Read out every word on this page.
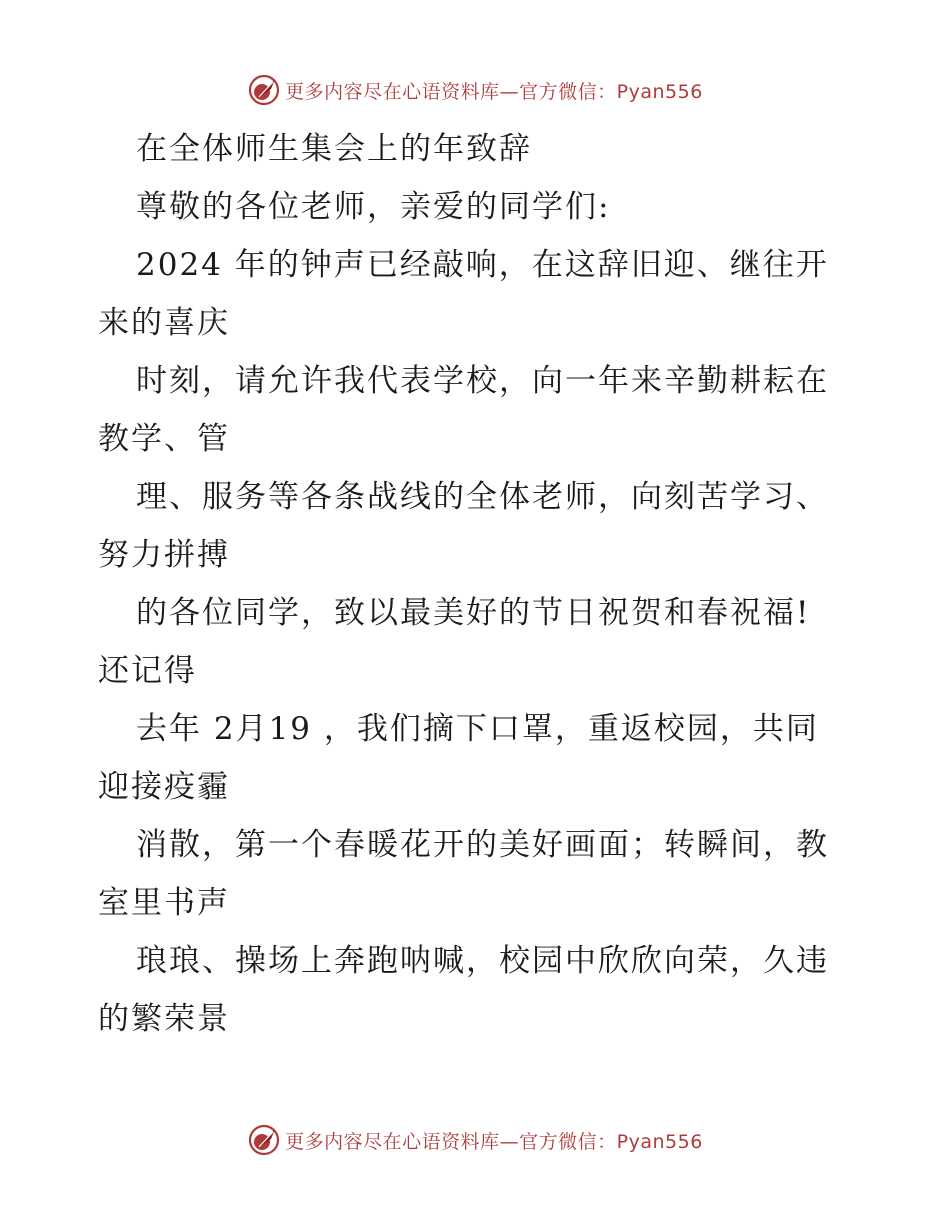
更多内容尽在心语资料库—官方微信：Pyan556
在全体师生集会上的年致辞
尊敬的各位老师，亲爱的同学们:
2024 年的钟声已经敲响，在这辞旧迎、继往开
来的喜庆
时刻，请允许我代表学校，向一年来辛勤耕耘在
教学、管
理、服务等各条战线的全体老师，向刻苦学习、
努力拼搏
的各位同学，致以最美好的节日祝贺和春祝福!
还记得
去年 2月19 ，我们摘下口罩，重返校园，共同
迎接疫霾
消散，第一个春暖花开的美好画面；转瞬间，教
室里书声
琅琅、操场上奔跑呐喊，校园中欣欣向荣，久违
的繁荣景
更多内容尽在心语资料库—官方微信：Pyan556
